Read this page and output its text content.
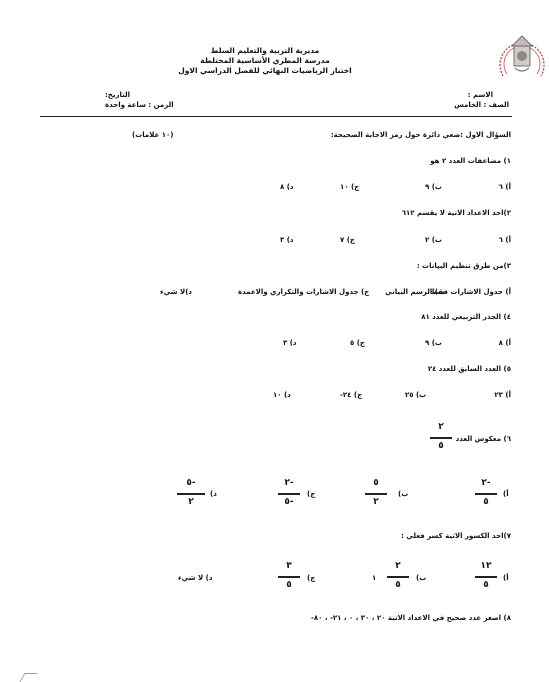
مديرية التربية والتعليم السلط
مدرسة المطري الأساسية المختلطة
اختبار الرياضيات النهائي للفصل الدراسي الاول
الاسم :
التاريخ:
الصف : الخامس
الزمن : ساعة واحدة
السؤال الاول :ضعي دائرة حول رمز الاجابة الصحيحة:
(١٠ علامات)
١) مضاعفات العدد ٢ هو
أ) ٦
ب) ٩
ج) ١٠
د) ٨
٢)احد الاعداد الاتية لا يقسم ٦١٢
أ) ٦
ب) ٢
ج) ٧
د) ٣
٣)من طرق تنظيم البيانات :
أ) جدول الاشارات فقط
ب) الرسم البياني
ج) جدول الاشارات والتكراري والاعمدة
د)لا شيء
٤) الجذر التربيعي للعدد ٨١
أ) ٨
ب) ٩
ج) ٥
د) ٣
٥) العدد السابق للعدد ٢٤
أ) ٢٣
ب) ٢٥
ج) ٢٤-
د) ١٠
٦) معكوس العدد
٢
٥
أ)
٢-
٥
ب)
٥
٢
ج)
٢-
٥-
د)
٥-
٢
٧)احد الكسور الاتية كسر فعلي :
أ)
١٢
٥
ب)
٢
٥
١
ج)
٣
٥
د) لا شيء
٨) اصغر عدد صحيح في الاعداد الاتية ٢٠ ، ٣٠ ، ٠ ، ٢١- ، ٨٠-
